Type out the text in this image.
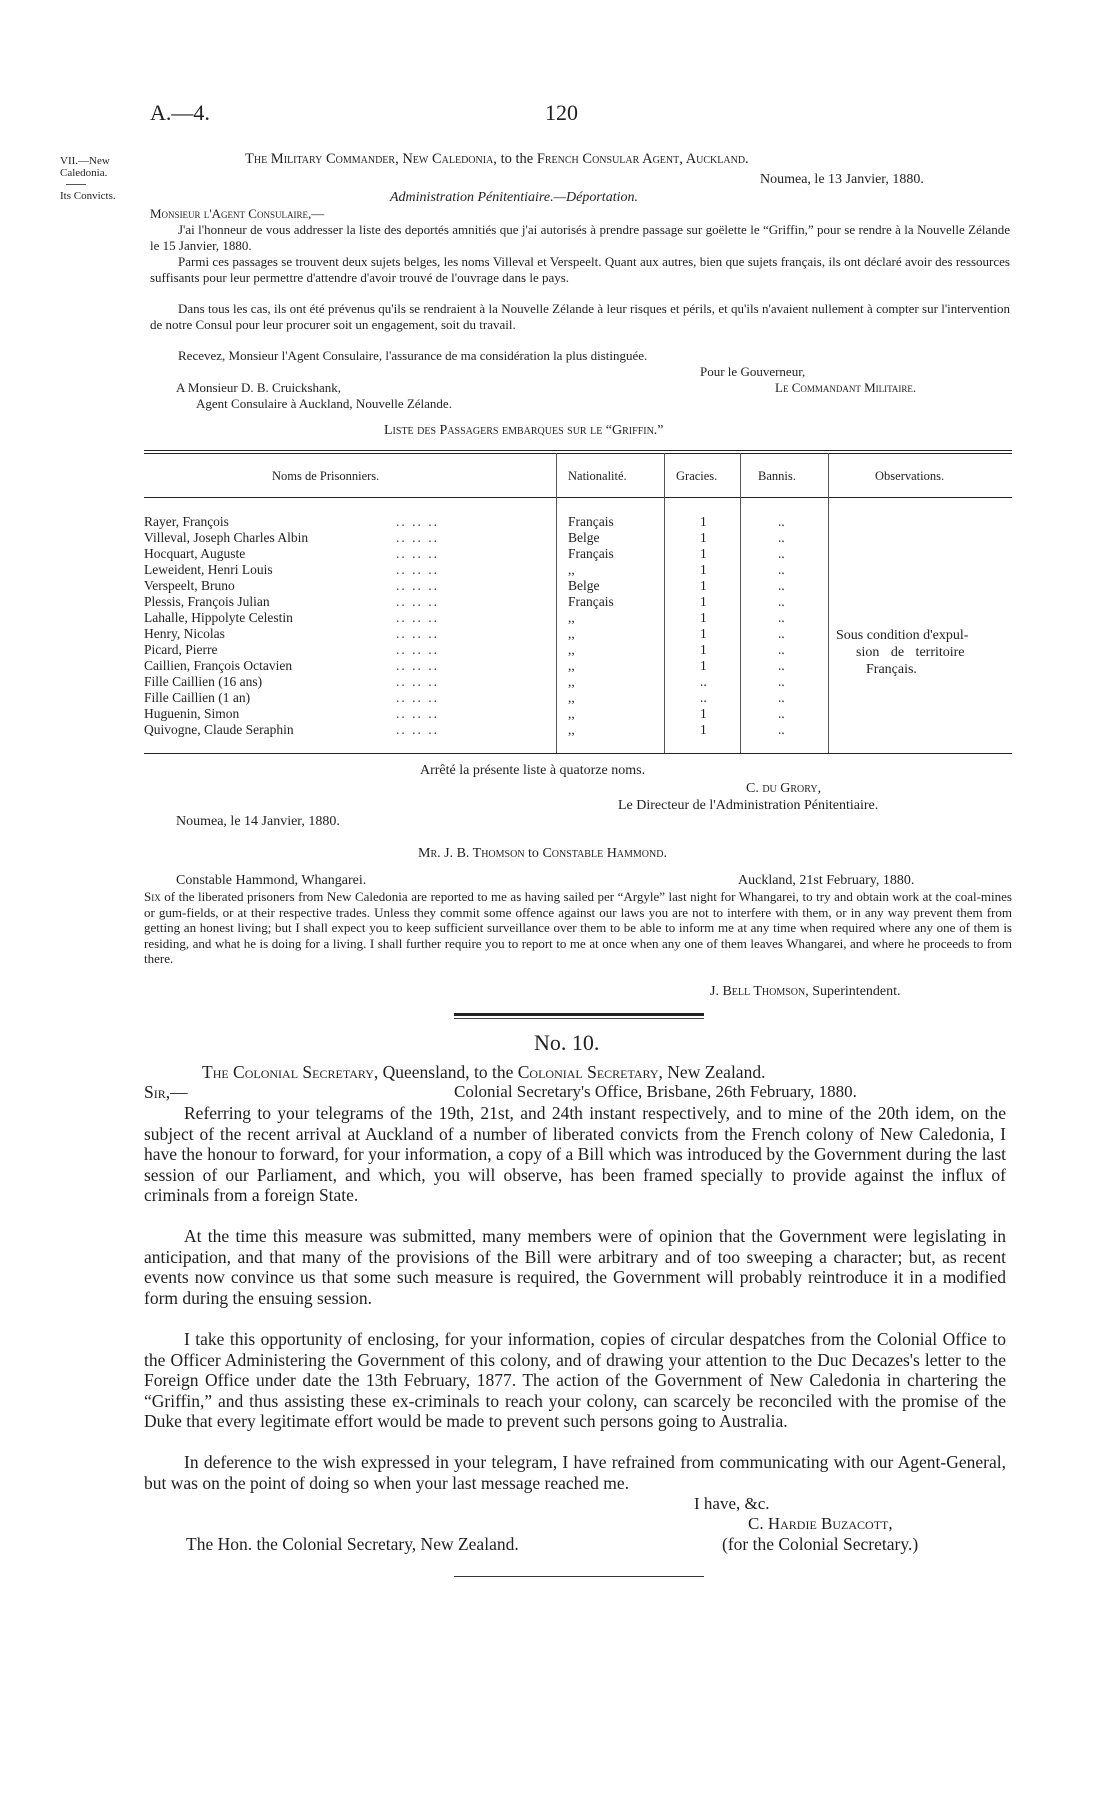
A.—4.	120
VII.—New
Caledonia.
Its Convicts.
The Military Commander, New Caledonia, to the French Consular Agent, Auckland.
Noumea, le 13 Janvier, 1880.
Administration Pénitentiaire.—Déportation.
Monsieur l'Agent Consulaire,—
J'ai l'honneur de vous addresser la liste des deportés amnitiés que j'ai autorisés à prendre passage sur goëlette le “Griffin,” pour se rendre à la Nouvelle Zélande le 15 Janvier, 1880.
Parmi ces passages se trouvent deux sujets belges, les noms Villeval et Verspeelt. Quant aux autres, bien que sujets français, ils ont déclaré avoir des ressources suffisants pour leur permettre d'attendre d'avoir trouvé de l'ouvrage dans le pays.
Dans tous les cas, ils ont été prévenus qu'ils se rendraient à la Nouvelle Zélande à leur risques et périls, et qu'ils n'avaient nullement à compter sur l'intervention de notre Consul pour leur procurer soit un engagement, soit du travail.
Recevez, Monsieur l'Agent Consulaire, l'assurance de ma considération la plus distinguée.
Pour le Gouverneur,
Le Commandant Militaire.
A Monsieur D. B. Cruickshank,
Agent Consulaire à Auckland, Nouvelle Zélande.
Liste des Passagers embarques sur le “Griffin.”
Noms de Prisonniers.	Nationalité.	Gracies.	Bannis.	Observations.
Rayer, François	.. .. ..	Français	1	..
Villeval, Joseph Charles Albin	.. .. ..	Belge	1	..
Hocquart, Auguste	.. .. ..	Français	1	..
Leweident, Henri Louis	.. .. ..	,,	1	..
Verspeelt, Bruno	.. .. ..	Belge	1	..
Plessis, François Julian	.. .. ..	Français	1	..
Lahalle, Hippolyte Celestin	.. .. ..	,,	1	..
Henry, Nicolas	.. .. ..	,,	1	..
Picard, Pierre	.. .. ..	,,	1	..
Caillien, François Octavien	.. .. ..	,,	1	..
Fille Caillien (16 ans)	.. .. ..	,,	..	..
Fille Caillien (1 an)	.. .. ..	,,	..	..
Huguenin, Simon	.. .. ..	,,	1	..
Quivogne, Claude Seraphin	.. .. ..	,,	1	..
Sous condition d'expul-
sion de territoire
Français.
Arrêté la présente liste à quatorze noms.
C. du Grory,
Le Directeur de l'Administration Pénitentiaire.
Noumea, le 14 Janvier, 1880.
Mr. J. B. Thomson to Constable Hammond.
Constable Hammond, Whangarei.	Auckland, 21st February, 1880.
Six of the liberated prisoners from New Caledonia are reported to me as having sailed per “Argyle” last night for Whangarei, to try and obtain work at the coal-mines or gum-fields, or at their respective trades. Unless they commit some offence against our laws you are not to interfere with them, or in any way prevent them from getting an honest living; but I shall expect you to keep sufficient surveillance over them to be able to inform me at any time when required where any one of them is residing, and what he is doing for a living. I shall further require you to report to me at once when any one of them leaves Whangarei, and where he proceeds to from there.
J. Bell Thomson, Superintendent.
No. 10.
The Colonial Secretary, Queensland, to the Colonial Secretary, New Zealand.
Sir,—	Colonial Secretary's Office, Brisbane, 26th February, 1880.
Referring to your telegrams of the 19th, 21st, and 24th instant respectively, and to mine of the 20th idem, on the subject of the recent arrival at Auckland of a number of liberated convicts from the French colony of New Caledonia, I have the honour to forward, for your information, a copy of a Bill which was introduced by the Government during the last session of our Parliament, and which, you will observe, has been framed specially to provide against the influx of criminals from a foreign State.
At the time this measure was submitted, many members were of opinion that the Government were legislating in anticipation, and that many of the provisions of the Bill were arbitrary and of too sweeping a character; but, as recent events now convince us that some such measure is required, the Government will probably reintroduce it in a modified form during the ensuing session.
I take this opportunity of enclosing, for your information, copies of circular despatches from the Colonial Office to the Officer Administering the Government of this colony, and of drawing your attention to the Duc Decazes's letter to the Foreign Office under date the 13th February, 1877. The action of the Government of New Caledonia in chartering the “Griffin,” and thus assisting these ex-criminals to reach your colony, can scarcely be reconciled with the promise of the Duke that every legitimate effort would be made to prevent such persons going to Australia.
In deference to the wish expressed in your telegram, I have refrained from communicating with our Agent-General, but was on the point of doing so when your last message reached me.
I have, &c.
C. Hardie Buzacott,
The Hon. the Colonial Secretary, New Zealand.	(for the Colonial Secretary.)
